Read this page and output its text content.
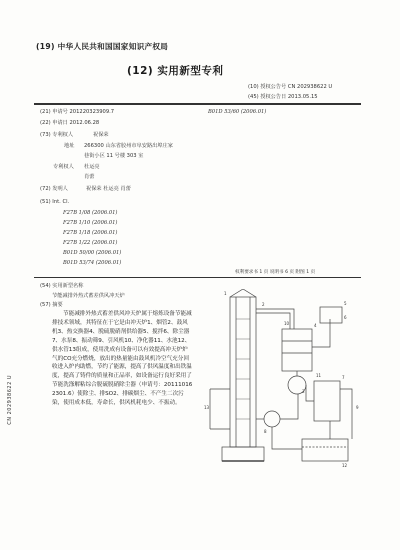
(19) 中华人民共和国国家知识产权局
(12) 实用新型专利
(10) 授权公告号 CN 202938622 U
(45) 授权公告日 2013.05.15
(21) 申请号 201220323909.7	B01D 53/60 (2006.01)
(22) 申请日 2012.06.28
(73) 专利权人	祝保荣
地址 266300 山东省胶州市阜安路出埠庄家
巷街小区 11 号楼 303 室
专利权人 杜运亮
肖蕾
(72) 发明人	祝保荣 杜运亮 肖蕾
(51) Int. Cl.
F27B 1/08 (2006.01)
F27B 1/10 (2006.01)
F27B 1/18 (2006.01)
F27B 1/22 (2006.01)
B01D 50/00 (2006.01)
B01D 53/74 (2006.01)
权利要求书 1 页 说明书 6 页 附图 1 页
(54) 实用新型名称
节能减排外热式蓄差供风冲天炉
(57) 摘要
节能减排外热式蓄差供风冲天炉属于熔炼设备节能减排技术领域，其特征在于它是由冲天炉1、烟管2、鼓风机3、热交换器4、脱硫脱硝剂供给器5、搅拌6、除尘器7、水泵8、振动筛9、引风机10、净化器11、水池12、供水管13组成，使用洗成有设备可以有效提高冲天炉炉气的CO充分燃烧，放出的热量能由鼓风机冷空气充分回收进入炉内助燃，节约了能源，提高了供风温度和出铁温度，提高了铸件的质量和正品率，如设备运行良好采用了节能洗涤解粘综合脱硫脱硝除尘器（申请号：201110162301.6）使除尘、排SO2、排碳烟尘、不产生二次污染，使用成本低，寿命长，供风机耗电少、不振动。
1
2
3
4
5
6
7
8
9
10
11
12
13
CN 202938622 U
